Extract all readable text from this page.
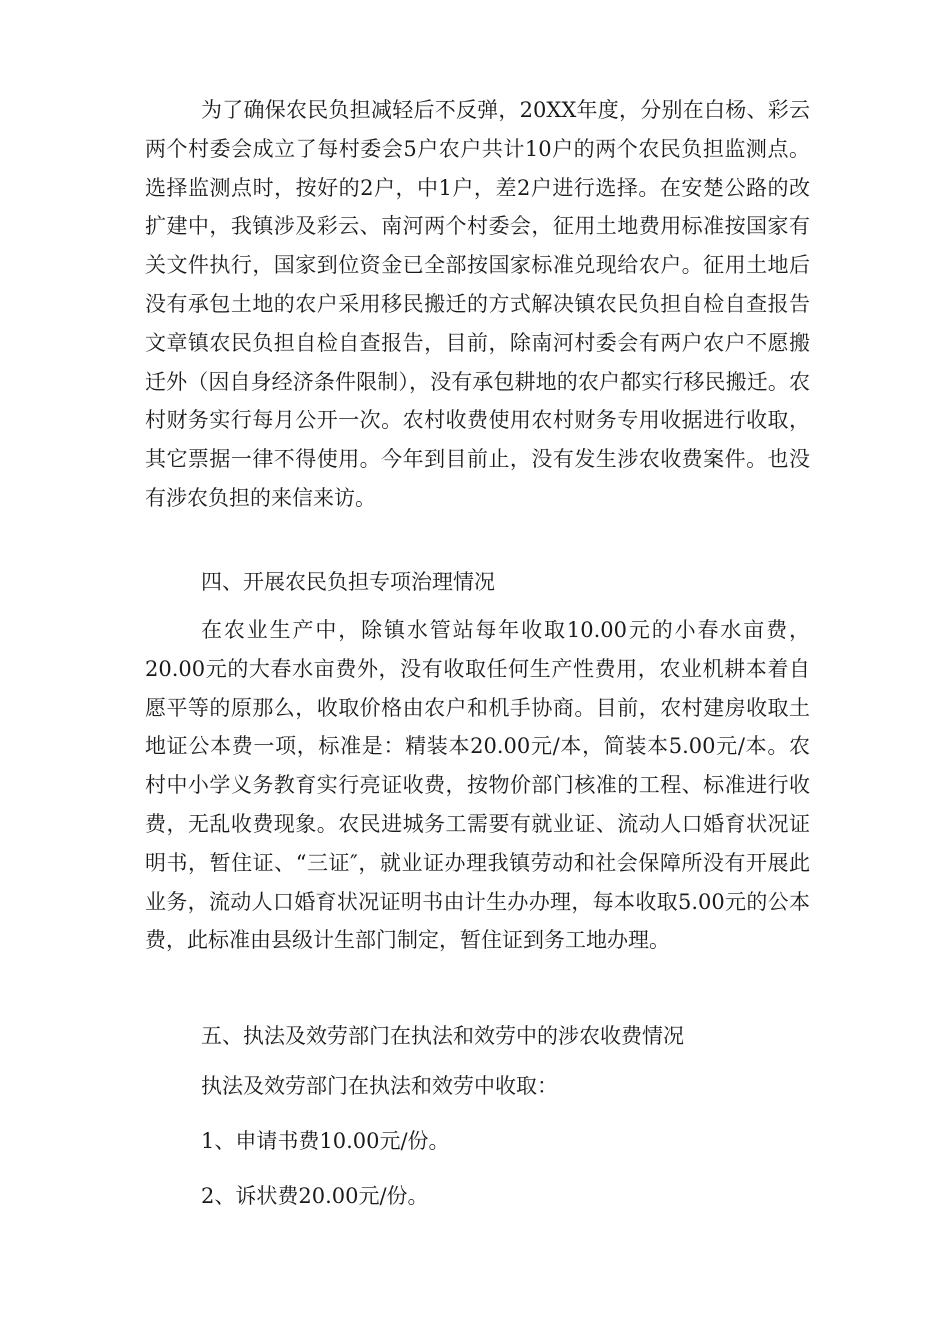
为了确保农民负担减轻后不反弹，20XX年度，分别在白杨、彩云两个村委会成立了每村委会5户农户共计10户的两个农民负担监测点。选择监测点时，按好的2户，中1户，差2户进行选择。在安楚公路的改扩建中，我镇涉及彩云、南河两个村委会，征用土地费用标准按国家有关文件执行，国家到位资金已全部按国家标准兑现给农户。征用土地后没有承包土地的农户采用移民搬迁的方式解决镇农民负担自检自查报告文章镇农民负担自检自查报告，目前，除南河村委会有两户农户不愿搬迁外（因自身经济条件限制），没有承包耕地的农户都实行移民搬迁。农村财务实行每月公开一次。农村收费使用农村财务专用收据进行收取，其它票据一律不得使用。今年到目前止，没有发生涉农收费案件。也没有涉农负担的来信来访。

四、开展农民负担专项治理情况

在农业生产中，除镇水管站每年收取10.00元的小春水亩费，20.00元的大春水亩费外，没有收取任何生产性费用，农业机耕本着自愿平等的原那么，收取价格由农户和机手协商。目前，农村建房收取土地证公本费一项，标准是：精装本20.00元/本，简装本5.00元/本。农村中小学义务教育实行亮证收费，按物价部门核准的工程、标准进行收费，无乱收费现象。农民进城务工需要有就业证、流动人口婚育状况证明书，暂住证、“三证″，就业证办理我镇劳动和社会保障所没有开展此业务，流动人口婚育状况证明书由计生办办理，每本收取5.00元的公本费，此标准由县级计生部门制定，暂住证到务工地办理。

五、执法及效劳部门在执法和效劳中的涉农收费情况

执法及效劳部门在执法和效劳中收取：

1、申请书费10.00元/份。

2、诉状费20.00元/份。
